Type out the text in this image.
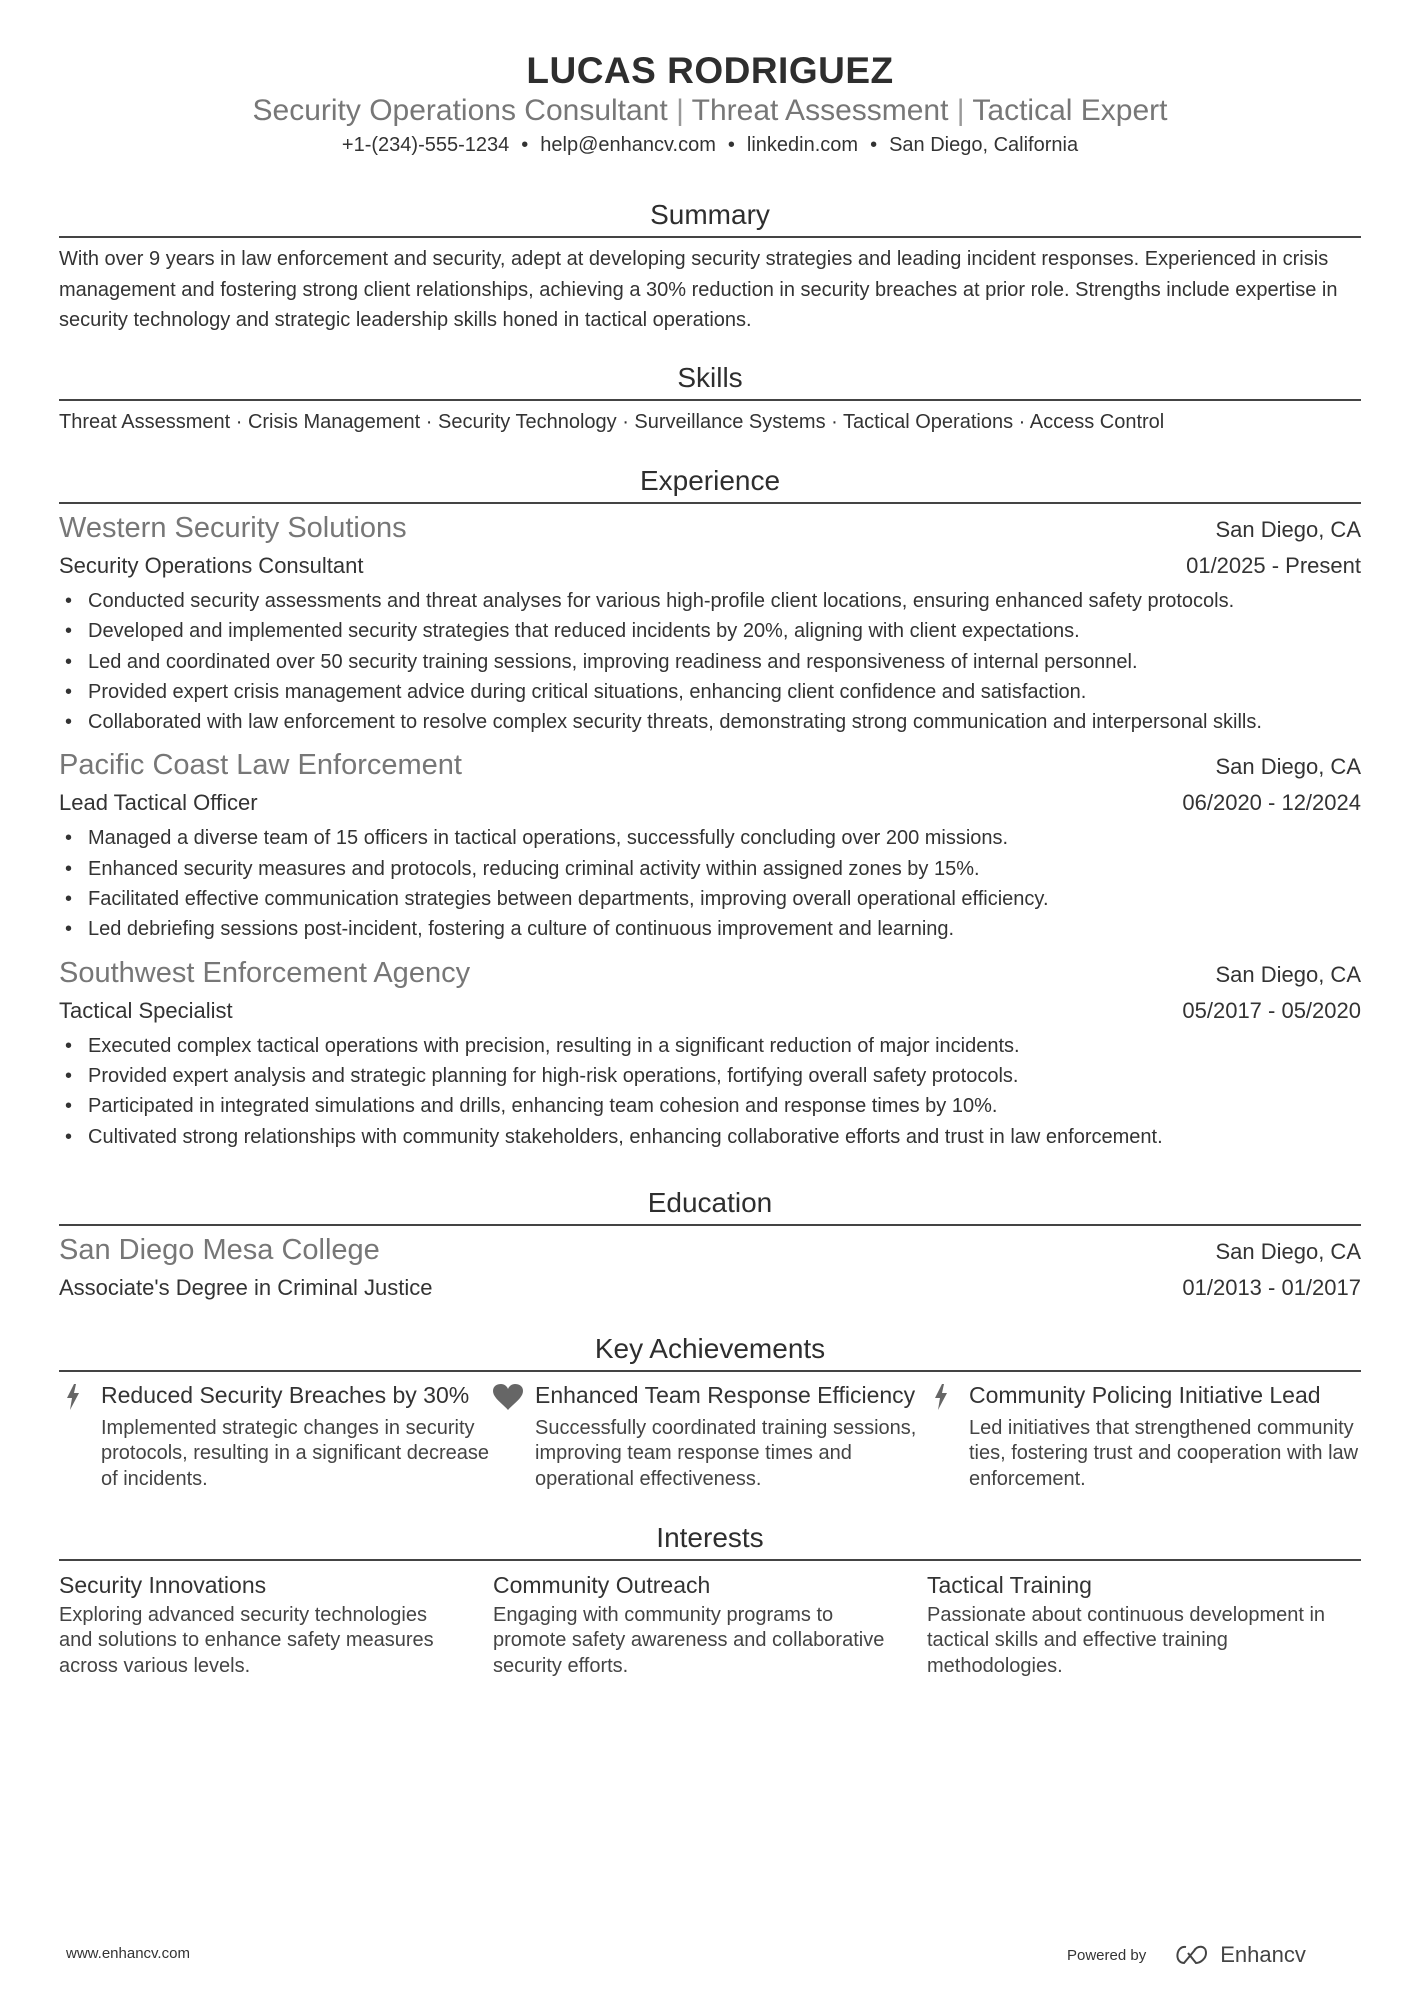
LUCAS RODRIGUEZ
Security Operations Consultant | Threat Assessment | Tactical Expert
+1-(234)-555-1234 • help@enhancv.com • linkedin.com • San Diego, California
Summary
With over 9 years in law enforcement and security, adept at developing security strategies and leading incident responses. Experienced in crisis management and fostering strong client relationships, achieving a 30% reduction in security breaches at prior role. Strengths include expertise in security technology and strategic leadership skills honed in tactical operations.
Skills
Threat Assessment · Crisis Management · Security Technology · Surveillance Systems · Tactical Operations · Access Control
Experience
Western Security Solutions	San Diego, CA
Security Operations Consultant	01/2025 - Present
• Conducted security assessments and threat analyses for various high-profile client locations, ensuring enhanced safety protocols.
• Developed and implemented security strategies that reduced incidents by 20%, aligning with client expectations.
• Led and coordinated over 50 security training sessions, improving readiness and responsiveness of internal personnel.
• Provided expert crisis management advice during critical situations, enhancing client confidence and satisfaction.
• Collaborated with law enforcement to resolve complex security threats, demonstrating strong communication and interpersonal skills.
Pacific Coast Law Enforcement	San Diego, CA
Lead Tactical Officer	06/2020 - 12/2024
• Managed a diverse team of 15 officers in tactical operations, successfully concluding over 200 missions.
• Enhanced security measures and protocols, reducing criminal activity within assigned zones by 15%.
• Facilitated effective communication strategies between departments, improving overall operational efficiency.
• Led debriefing sessions post-incident, fostering a culture of continuous improvement and learning.
Southwest Enforcement Agency	San Diego, CA
Tactical Specialist	05/2017 - 05/2020
• Executed complex tactical operations with precision, resulting in a significant reduction of major incidents.
• Provided expert analysis and strategic planning for high-risk operations, fortifying overall safety protocols.
• Participated in integrated simulations and drills, enhancing team cohesion and response times by 10%.
• Cultivated strong relationships with community stakeholders, enhancing collaborative efforts and trust in law enforcement.
Education
San Diego Mesa College	San Diego, CA
Associate's Degree in Criminal Justice	01/2013 - 01/2017
Key Achievements
Reduced Security Breaches by 30%
Implemented strategic changes in security protocols, resulting in a significant decrease of incidents.
Enhanced Team Response Efficiency
Successfully coordinated training sessions, improving team response times and operational effectiveness.
Community Policing Initiative Lead
Led initiatives that strengthened community ties, fostering trust and cooperation with law enforcement.
Interests
Security Innovations
Exploring advanced security technologies and solutions to enhance safety measures across various levels.
Community Outreach
Engaging with community programs to promote safety awareness and collaborative security efforts.
Tactical Training
Passionate about continuous development in tactical skills and effective training methodologies.
www.enhancv.com	Powered by	Enhancv
